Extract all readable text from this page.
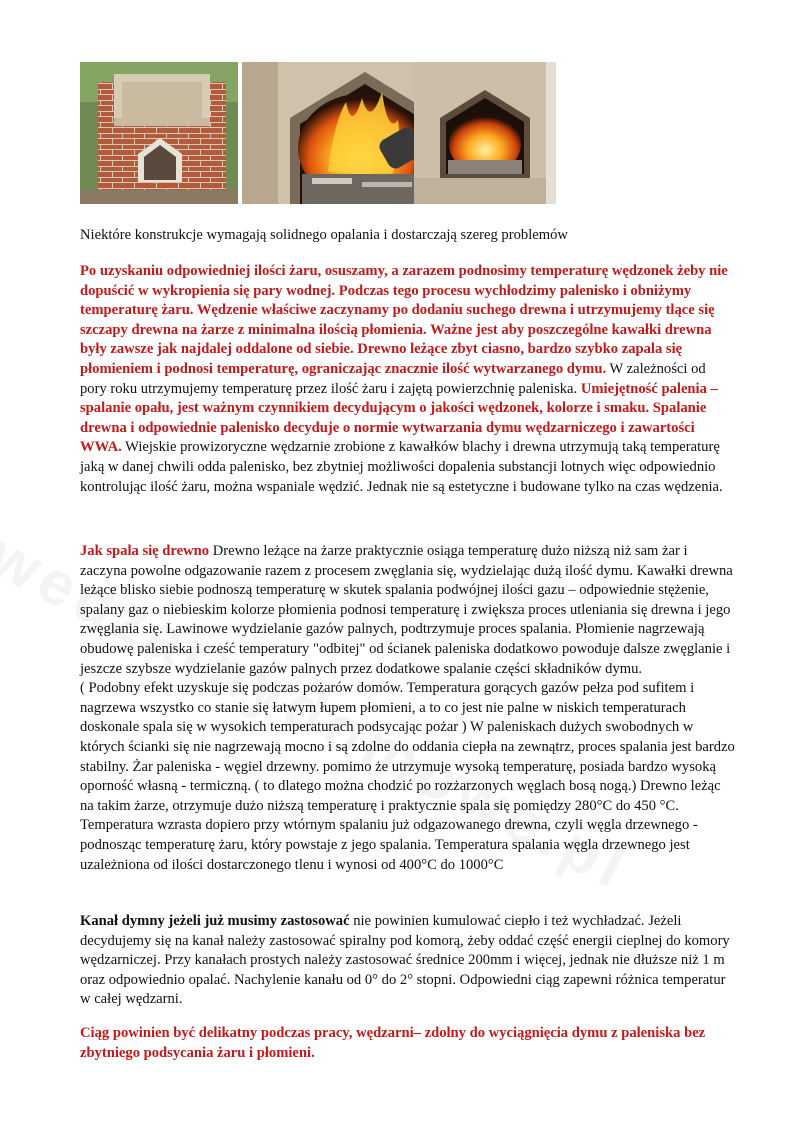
Niektóre konstrukcje wymagają solidnego opalania i dostarczają szereg problemów

Po uzyskaniu odpowiedniej ilości żaru, osuszamy, a zarazem podnosimy temperaturę wędzonek żeby nie dopuścić w wykropienia się pary wodnej. Podczas tego procesu wychłodzimy palenisko i obniżymy temperaturę żaru. Wędzenie właściwe zaczynamy po dodaniu suchego drewna i utrzymujemy tlące się szczapy drewna na żarze z minimalna ilością płomienia. Ważne jest aby poszczególne kawałki drewna były zawsze jak najdalej oddalone od siebie. Drewno leżące zbyt ciasno, bardzo szybko zapala się płomieniem i podnosi temperaturę, ograniczając znacznie ilość wytwarzanego dymu. W zależności od pory roku utrzymujemy temperaturę przez ilość żaru i zajętą powierzchnię paleniska. Umiejętność palenia – spalanie opału, jest ważnym czynnikiem decydującym o jakości wędzonek, kolorze i smaku. Spalanie drewna i odpowiednie palenisko decyduje o normie wytwarzania dymu wędzarniczego i zawartości WWA. Wiejskie prowizoryczne wędzarnie zrobione z kawałków blachy i drewna utrzymują taką temperaturę jaką w danej chwili odda palenisko, bez zbytniej możliwości dopalenia substancji lotnych więc odpowiednio kontrolując ilość żaru, można wspaniale wędzić. Jednak nie są estetyczne i budowane tylko na czas wędzenia.

Jak spala się drewno Drewno leżące na żarze praktycznie osiąga temperaturę dużo niższą niż sam żar i zaczyna powolne odgazowanie razem z procesem zwęglania się, wydzielając dużą ilość dymu. Kawałki drewna leżące blisko siebie podnoszą temperaturę w skutek spalania podwójnej ilości gazu – odpowiednie stężenie, spalany gaz o niebieskim kolorze płomienia podnosi temperaturę i zwiększa proces utleniania się drewna i jego zwęglania się. Lawinowe wydzielanie gazów palnych, podtrzymuje proces spalania. Płomienie nagrzewają obudowę paleniska i cześć temperatury "odbitej" od ścianek paleniska dodatkowo powoduje dalsze zwęglanie i jeszcze szybsze wydzielanie gazów palnych przez dodatkowe spalanie części składników dymu.

( Podobny efekt uzyskuje się podczas pożarów domów. Temperatura gorących gazów pełza pod sufitem i nagrzewa wszystko co stanie się łatwym łupem płomieni, a to co jest nie palne w niskich temperaturach doskonale spala się w wysokich temperaturach podsycając pożar ) W paleniskach dużych swobodnych w których ścianki się nie nagrzewają mocno i są zdolne do oddania ciepła na zewnątrz, proces spalania jest bardzo stabilny. Żar paleniska - węgiel drzewny. pomimo że utrzymuje wysoką temperaturę, posiada bardzo wysoką oporność własną - termiczną. ( to dlatego można chodzić po rozżarzonych węglach bosą nogą.) Drewno leżąc na takim żarze, otrzymuje dużo niższą temperaturę i praktycznie spala się pomiędzy 280°C do 450 °C. Temperatura wzrasta dopiero przy wtórnym spalaniu już odgazowanego drewna, czyli węgla drzewnego - podnosząc temperaturę żaru, który powstaje z jego spalania. Temperatura spalania węgla drzewnego jest uzależniona od ilości dostarczonego tlenu i wynosi od 400°C do 1000°C

Kanał dymny jeżeli już musimy zastosować nie powinien kumulować ciepło i też wychładzać. Jeżeli decydujemy się na kanał należy zastosować spiralny pod komorą, żeby oddać część energii cieplnej do komory wędzarniczej. Przy kanałach prostych należy zastosować średnice 200mm i więcej, jednak nie dłuższe niż 1 m oraz odpowiednio opalać. Nachylenie kanału od 0° do 2° stopni. Odpowiedni ciąg zapewni różnica temperatur w całej wędzarni.

Ciąg powinien być delikatny podczas pracy, wędzarni– zdolny do wyciągnięcia dymu z paleniska bez zbytniego podsycania żaru i płomieni.
